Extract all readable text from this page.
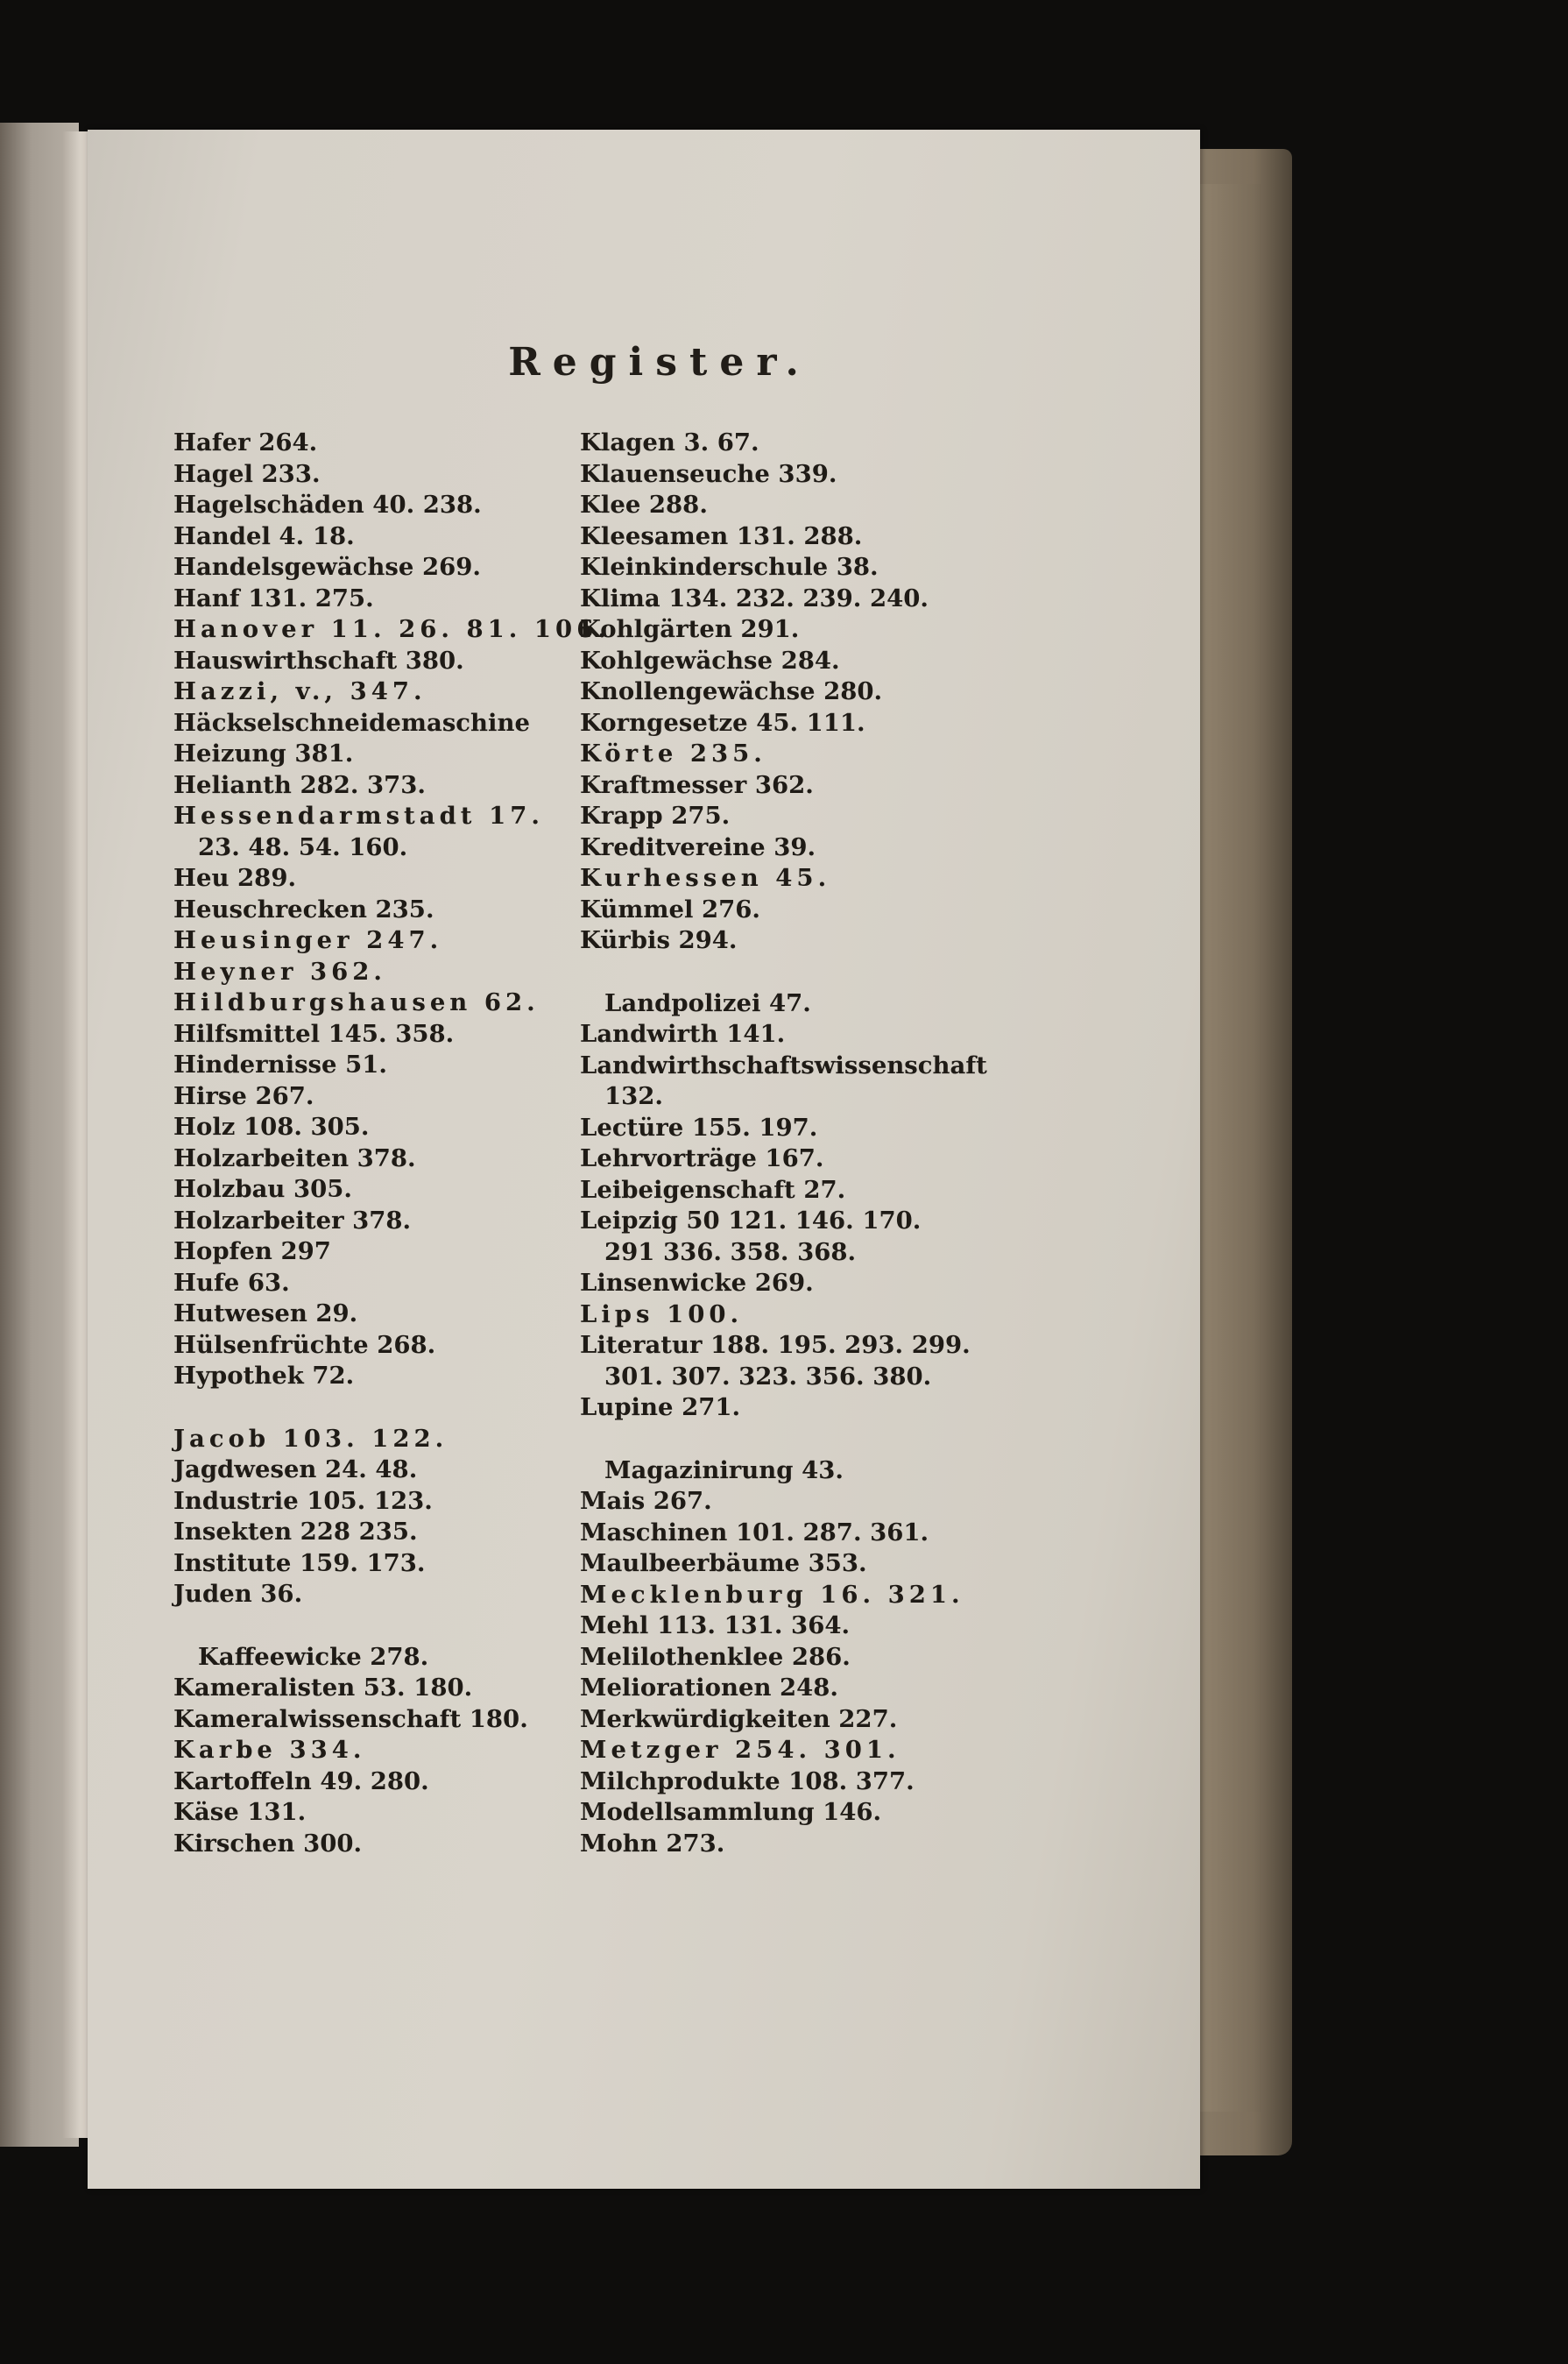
Register.
Hafer 264.
Hagel 233.
Hagelschäden 40. 238.
Handel 4. 18.
Handelsgewächse 269.
Hanf 131. 275.
Hanover 11. 26. 81. 106.
Hauswirthschaft 380.
Hazzi, v., 347.
Häckselschneidemaschine
Heizung 381.
Helianth 282. 373.
Hessendarmstadt 17.
23. 48. 54. 160.
Heu 289.
Heuschrecken 235.
Heusinger 247.
Heyner 362.
Hildburgshausen 62.
Hilfsmittel 145. 358.
Hindernisse 51.
Hirse 267.
Holz 108. 305.
Holzarbeiten 378.
Holzbau 305.
Holzarbeiter 378.
Hopfen 297
Hufe 63.
Hutwesen 29.
Hülsenfrüchte 268.
Hypothek 72.
Jacob 103. 122.
Jagdwesen 24. 48.
Industrie 105. 123.
Insekten 228 235.
Institute 159. 173.
Juden 36.
Kaffeewicke 278.
Kameralisten 53. 180.
Kameralwissenschaft 180.
Karbe 334.
Kartoffeln 49. 280.
Käse 131.
Kirschen 300.
Klagen 3. 67.
Klauenseuche 339.
Klee 288.
Kleesamen 131. 288.
Kleinkinderschule 38.
Klima 134. 232. 239. 240.
Kohlgärten 291.
Kohlgewächse 284.
Knollengewächse 280.
Korngesetze 45. 111.
Körte 235.
Kraftmesser 362.
Krapp 275.
Kreditvereine 39.
Kurhessen 45.
Kümmel 276.
Kürbis 294.
Landpolizei 47.
Landwirth 141.
Landwirthschaftswissenschaft
132.
Lectüre 155. 197.
Lehrvorträge 167.
Leibeigenschaft 27.
Leipzig 50 121. 146. 170.
291 336. 358. 368.
Linsenwicke 269.
Lips 100.
Literatur 188. 195. 293. 299.
301. 307. 323. 356. 380.
Lupine 271.
Magazinirung 43.
Mais 267.
Maschinen 101. 287. 361.
Maulbeerbäume 353.
Mecklenburg 16. 321.
Mehl 113. 131. 364.
Melilothenklee 286.
Meliorationen 248.
Merkwürdigkeiten 227.
Metzger 254. 301.
Milchprodukte 108. 377.
Modellsammlung 146.
Mohn 273.
